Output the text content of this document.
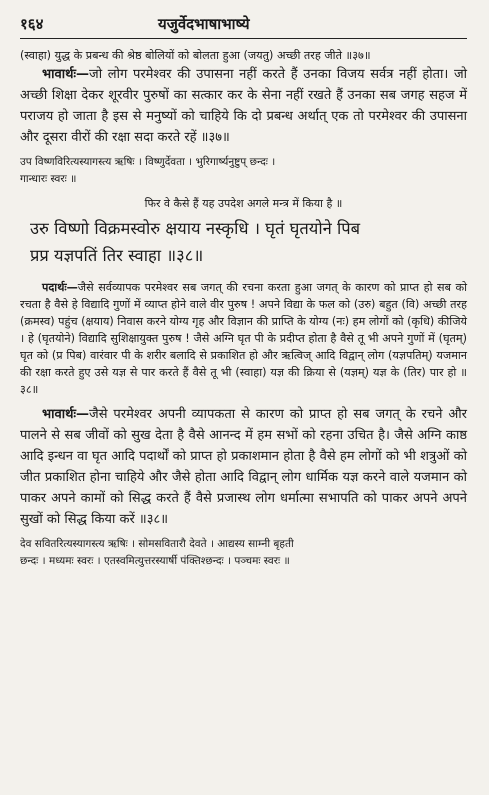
१६४	यजुर्वेदभाषाभाष्ये

(स्वाहा) युद्ध के प्रबन्ध की श्रेष्ठ बोलियों को बोलता हुआ (जयतु) अच्छी तरह जीते ॥३७॥

भावार्थः—जो लोग परमेश्वर की उपासना नहीं करते हैं उनका विजय सर्वत्र नहीं होता। जो अच्छी शिक्षा देकर शूरवीर पुरुषों का सत्कार कर के सेना नहीं रखते हैं उनका सब जगह सहज में पराजय हो जाता है इस से मनुष्यों को चाहिये कि दो प्रबन्ध अर्थात् एक तो परमेश्वर की उपासना और दूसरा वीरों की रक्षा सदा करते रहें ॥३७॥

उप विष्णविरित्यस्यागस्त्य ऋषिः । विष्णुर्देवता । भुरिगार्ष्यनुष्टुप् छन्दः ।
गान्धारः स्वरः ॥

फिर वे कैसे हैं यह उपदेश अगले मन्त्र में किया है ॥

उरु विष्णो विक्रमस्वोरु क्षयाय नस्कृधि । घृतं घृतयोने पिब
प्रप्र यज्ञपतिं तिर स्वाहा ॥३८॥

पदार्थः—जैसे सर्वव्यापक परमेश्वर सब जगत् की रचना करता हुआ जगत् के कारण को प्राप्त हो सब को रचता है वैसे हे विद्यादि गुणों में व्याप्त होने वाले वीर पुरुष ! अपने विद्या के फल को (उरु) बहुत (वि) अच्छी तरह (क्रमस्व) पहुंच (क्षयाय) निवास करने योग्य गृह और विज्ञान की प्राप्ति के योग्य (नः) हम लोगों को (कृधि) कीजिये । हे (घृतयोने) विद्यादि सुशिक्षायुक्त पुरुष ! जैसे अग्नि घृत पी के प्रदीप्त होता है वैसे तू भी अपने गुणों में (घृतम्) घृत को (प्र पिब) वारंवार पी के शरीर बलादि से प्रकाशित हो और ऋत्विज् आदि विद्वान् लोग (यज्ञपतिम्) यजमान की रक्षा करते हुए उसे यज्ञ से पार करते हैं वैसे तू भी (स्वाहा) यज्ञ की क्रिया से (यज्ञम्) यज्ञ के (तिर) पार हो ॥३८॥

भावार्थः—जैसे परमेश्वर अपनी व्यापकता से कारण को प्राप्त हो सब जगत् के रचने और पालने से सब जीवों को सुख देता है वैसे आनन्द में हम सभों को रहना उचित है। जैसे अग्नि काष्ठ आदि इन्धन वा घृत आदि पदार्थों को प्राप्त हो प्रकाशमान होता है वैसे हम लोगों को भी शत्रुओं को जीत प्रकाशित होना चाहिये और जैसे होता आदि विद्वान् लोग धार्मिक यज्ञ करने वाले यजमान को पाकर अपने कामों को सिद्ध करते हैं वैसे प्रजास्थ लोग धर्मात्मा सभापति को पाकर अपने अपने सुखों को सिद्ध किया करें ॥३८॥

देव सवितरित्यस्यागस्त्य ऋषिः । सोमसवितारौ देवते । आद्यस्य साम्नी बृहती
छन्दः । मध्यमः स्वरः । एतस्वमित्युत्तरस्यार्षी पंक्तिश्छन्दः । पञ्चमः स्वरः ॥
